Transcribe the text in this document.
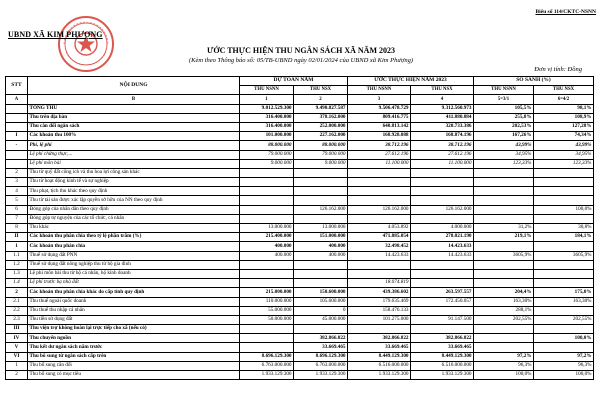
Biểu số 114/CKTC-NSNN
UBND XÃ KIM PHƯỢNG
ƯỚC THỰC HIỆN THU NGÂN SÁCH XÃ NĂM 2023
(Kèm theo Thông báo số: 05/TB-UBND ngày 02/01/2024 của UBND xã Kim Phượng)
Đơn vị tính: Đồng
STT	NỘI DUNG	DỰ TOÁN NĂM		ƯỚC THỰC HIỆN NĂM 2023		SO SÁNH (%)	
		THU NSNN	THU NSX	THU NSNN	THU NSX	THU NSNN	THU NSX
A	B	1	2	3	4	5=3/1	6=4/2
	TỔNG THU	9.012.529.300	9.490.827.587	9.506.478.729	9.312.560.973	105,5%	98,1%
	Thu trên địa bàn	316.400.000	378.162.000	809.416.775	411.880.884	255,8%	108,9%
	Thu cân đối ngân sách	316.400.000	252.000.000	640.813.142	320.733.386	202,53%	127,28%
I	Các khoản thu 100%	101.000.000	227.162.000	168.928.088	168.874.196	167,26%	74,34%
-	Phí, lệ phí	88.000.000	88.000.000	38.712.196	38.712.196	43,99%	43,99%
	Lệ phí chứng thực,...	79.000.000	79.000.000	27.612.196	27.612.196	34,95%	34,95%
	Lệ phí môn bài	9.000.000	9.000.000	11.100.000	11.100.000	123,33%	123,33%
2	Thu từ quỹ đất công ích và thu hoa lợi công sản khác						
3	Thu từ hoạt động kinh tế và sự nghiệp						
4	Thu phạt, tịch thu khác theo quy định						
5	Thu từ tài sản được xác lập quyền sở hữu của NN theo quy định						
6	Đóng góp của nhân dân theo quy định		126.162.000	126.162.000	126.162.000		100,0%
7	Đóng góp tự nguyện của các tổ chức, cá nhân						
8	Thu khác	13.000.000	13.000.000	4.053.892	4.000.000	31,2%	30,8%
II	Các khoản thu phân chia theo tỷ lệ phần trăm (%)	215.400.000	151.000.000	471.885.054	278.021.190	219,1%	184,1%
1	Các khoản thu phân chia	400.000	400.000	32.498.452	14.423.633		
1.1	Thuế sử dụng đất PNN	400.000	400.000	14.423.633	14.423.633	3605,9%	3605,9%
1.2	Thuế sử dụng đất nông nghiệp thu từ hộ gia đình						
1.3	Lệ phí môn bài thu từ hộ cá nhân, hộ kinh doanh						
1.4	Lệ phí trước bạ nhà đất			18.074.819			
2	Các khoản thu phân chia khác do cấp tỉnh quy định	215.000.000	150.600.000	439.386.602	263.597.557	204,4%	175,0%
2.1	Thu thuế ngoài quốc doanh	110.000.000	105.600.000	179.635.469	172.450.057	163,30%	163,30%
2.2	Thu thuế thu nhập cá nhân	55.000.000	0	158.476.133		288,1%	
2.3	Thu tiền sử dụng đất	50.000.000	45.000.000	101.275.000	91.147.500	202,55%	202,55%
III	Thu viện trợ không hoàn lại trực tiếp cho xã (nếu có)						
IV	Thu chuyển nguồn		382.866.822	382.866.822	382.866.822		100,0%
V	Thu kết dư ngân sách năm trước		33.669.465	33.669.465	33.669.465		
VI	Thu bổ sung từ ngân sách cấp trên	8.696.129.300	8.696.129.300	8.449.129.300	8.449.129.300	97,2%	97,2%
1	Thu bổ sung cân đối	6.763.000.000	6.763.000.000	6.516.000.000	6.516.000.000	96,3%	96,3%
2	Thu bổ sung có mục tiêu	1.933.129.300	1.933.129.300	1.933.129.300	1.933.129.300	100,0%	100,0%
